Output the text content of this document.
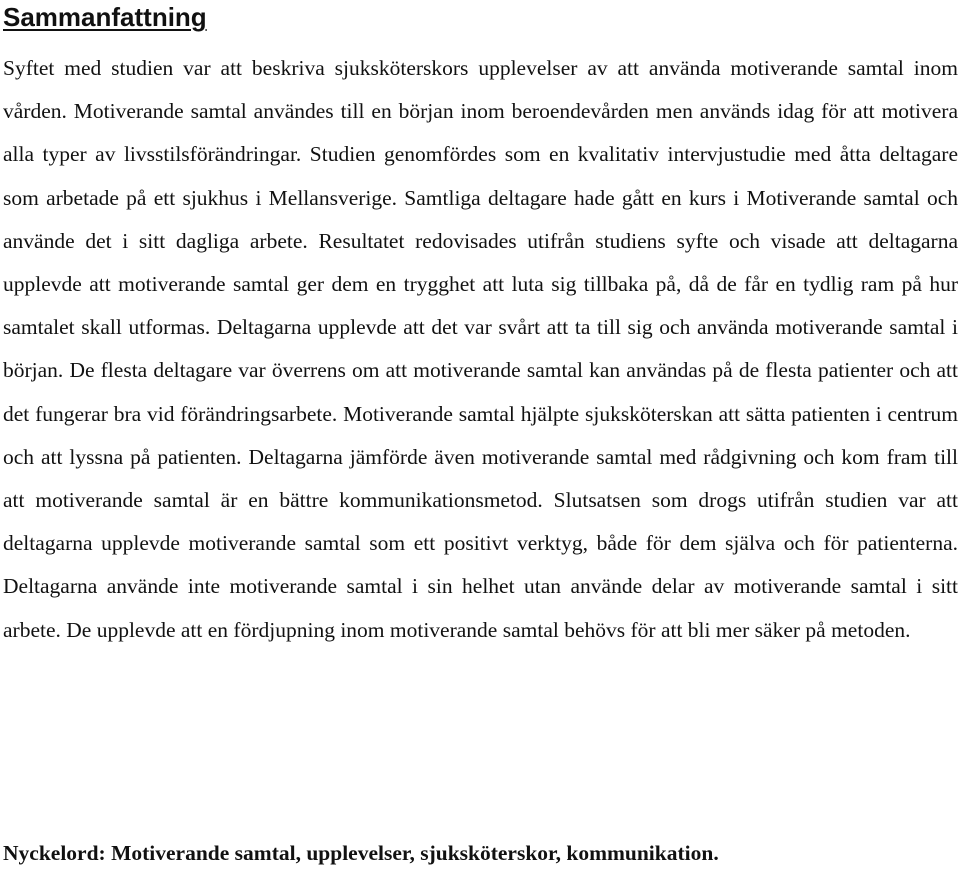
Sammanfattning

Syftet med studien var att beskriva sjuksköterskors upplevelser av att använda motiverande samtal inom vården. Motiverande samtal användes till en början inom beroendevården men används idag för att motivera alla typer av livsstilsförändringar. Studien genomfördes som en kvalitativ intervjustudie med åtta deltagare som arbetade på ett sjukhus i Mellansverige. Samtliga deltagare hade gått en kurs i Motiverande samtal och använde det i sitt dagliga arbete. Resultatet redovisades utifrån studiens syfte och visade att deltagarna upplevde att motiverande samtal ger dem en trygghet att luta sig tillbaka på, då de får en tydlig ram på hur samtalet skall utformas. Deltagarna upplevde att det var svårt att ta till sig och använda motiverande samtal i början. De flesta deltagare var överrens om att motiverande samtal kan användas på de flesta patienter och att det fungerar bra vid förändringsarbete. Motiverande samtal hjälpte sjuksköterskan att sätta patienten i centrum och att lyssna på patienten. Deltagarna jämförde även motiverande samtal med rådgivning och kom fram till att motiverande samtal är en bättre kommunikationsmetod. Slutsatsen som drogs utifrån studien var att deltagarna upplevde motiverande samtal som ett positivt verktyg, både för dem själva och för patienterna. Deltagarna använde inte motiverande samtal i sin helhet utan använde delar av motiverande samtal i sitt arbete. De upplevde att en fördjupning inom motiverande samtal behövs för att bli mer säker på metoden.

Nyckelord: Motiverande samtal, upplevelser, sjuksköterskor, kommunikation.
